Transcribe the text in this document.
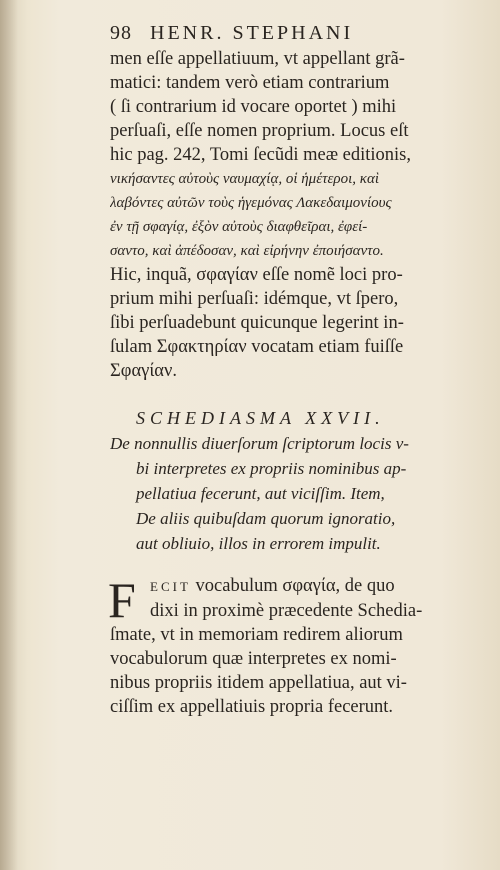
98 HENR. STEPHANI
men eſſe appellatiuum, vt appellant grã-
matici: tandem verò etiam contrarium
( ſi contrarium id vocare oportet ) mihi
perſuaſi, eſſe nomen proprium. Locus eſt
hic pag. 242, Tomi ſecũdi meæ editionis,
νικήσαντες αὐτοὺς ναυμαχίᾳ, οἱ ἡμέτεροι, καὶ
λαβόντες αὐτῶν τοὺς ἡγεμόνας Λακεδαιμονίους
ἐν τῇ σφαγίᾳ, ἐξὸν αὐτοὺς διαφθεῖραι, ἐφεί-
σαντο, καὶ ἀπέδοσαν, καὶ εἰρήνην ἐποιήσαντο.
Hic, inquã, σφαγίαν eſſe nomẽ loci pro-
prium mihi perſuaſi: idémque, vt ſpero,
ſibi perſuadebunt quicunque legerint in-
ſulam Σφακτηρίαν vocatam etiam fuiſſe
Σφαγίαν.
SCHEDIASMA XXVII.
De nonnullis diuerſorum ſcriptorum locis v-
bi interpretes ex propriis nominibus ap-
pellatiua fecerunt, aut viciſſim. Item,
De aliis quibuſdam quorum ignoratio,
aut obliuio, illos in errorem impulit.
F	ECIT vocabulum σφαγία, de quo
dixi in proximè præcedente Schedia-
ſmate, vt in memoriam redirem aliorum
vocabulorum quæ interpretes ex nomi-
nibus propriis itidem appellatiua, aut vi-
ciſſim ex appellatiuis propria fecerunt.
